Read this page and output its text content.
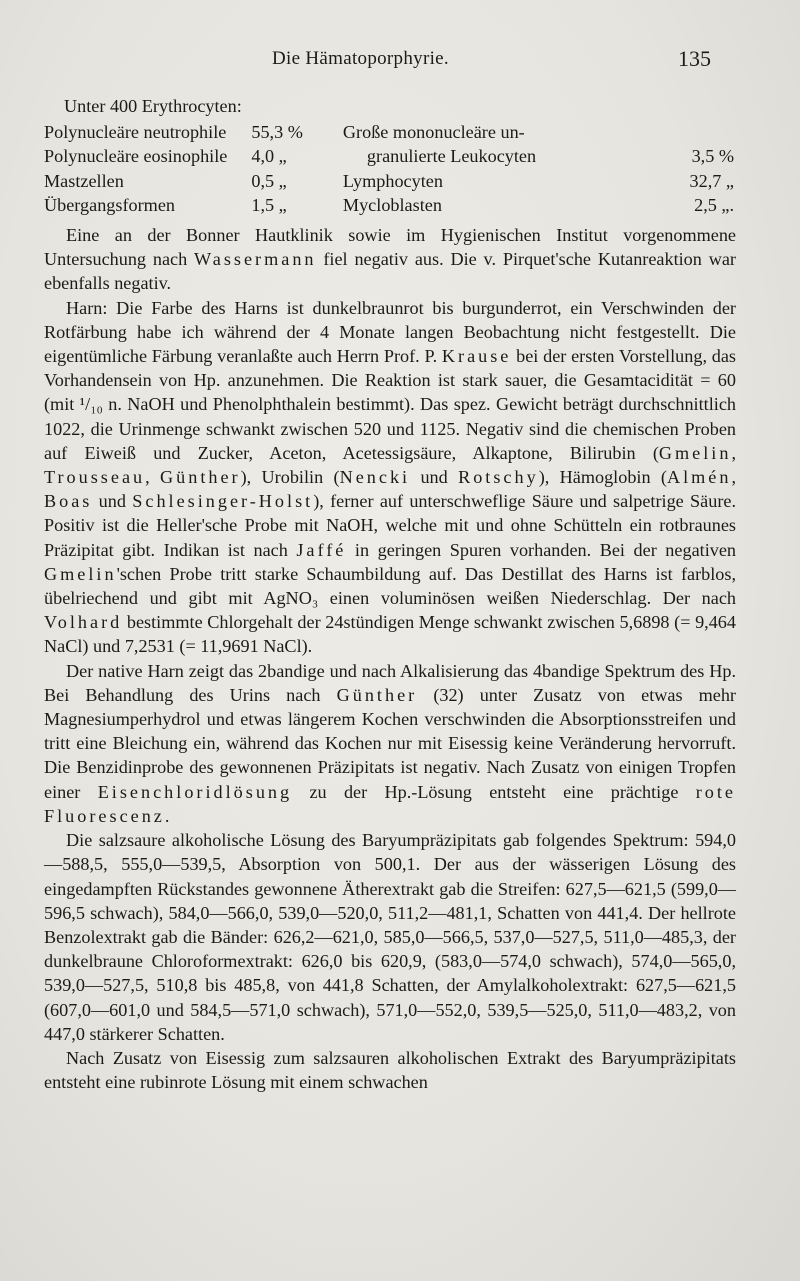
Die Hämatoporphyrie.	135
Unter 400 Erythrocyten:
Polynucleäre neutrophile	55,3 %	Große mononucleäre un-	
Polynucleäre eosinophile	4,0 „	granulierte Leukocyten	3,5 %
Mastzellen	0,5 „	Lymphocyten	32,7 „
Übergangsformen	1,5 „	Mycloblasten	2,5 „.

Eine an der Bonner Hautklinik sowie im Hygienischen Institut vorgenommene Untersuchung nach Wassermann fiel negativ aus. Die v. Pirquet'sche Kutanreaktion war ebenfalls negativ.

Harn: Die Farbe des Harns ist dunkelbraunrot bis burgunderrot, ein Verschwinden der Rotfärbung habe ich während der 4 Monate langen Beobachtung nicht festgestellt. Die eigentümliche Färbung veranlaßte auch Herrn Prof. P. Krause bei der ersten Vorstellung, das Vorhandensein von Hp. anzunehmen. Die Reaktion ist stark sauer, die Gesamtacidität = 60 (mit ¹/₁₀ n. NaOH und Phenolphthalein bestimmt). Das spez. Gewicht beträgt durchschnittlich 1022, die Urinmenge schwankt zwischen 520 und 1125. Negativ sind die chemischen Proben auf Eiweiß und Zucker, Aceton, Acetessigsäure, Alkaptone, Bilirubin (Gmelin, Trousseau, Günther), Urobilin (Nencki und Rotschy), Hämoglobin (Almén, Boas und Schlesinger-Holst), ferner auf unterschweflige Säure und salpetrige Säure. Positiv ist die Heller'sche Probe mit NaOH, welche mit und ohne Schütteln ein rotbraunes Präzipitat gibt. Indikan ist nach Jaffé in geringen Spuren vorhanden. Bei der negativen Gmelin'schen Probe tritt starke Schaumbildung auf. Das Destillat des Harns ist farblos, übelriechend und gibt mit AgNO₃ einen voluminösen weißen Niederschlag. Der nach Volhard bestimmte Chlorgehalt der 24stündigen Menge schwankt zwischen 5,6898 (= 9,464 NaCl) und 7,2531 (= 11,9691 NaCl).

Der native Harn zeigt das 2bandige und nach Alkalisierung das 4bandige Spektrum des Hp. Bei Behandlung des Urins nach Günther (32) unter Zusatz von etwas mehr Magnesiumperhydrol und etwas längerem Kochen verschwinden die Absorptionsstreifen und tritt eine Bleichung ein, während das Kochen nur mit Eisessig keine Veränderung hervorruft. Die Benzidinprobe des gewonnenen Präzipitats ist negativ. Nach Zusatz von einigen Tropfen einer Eisenchloridlösung zu der Hp.-Lösung entsteht eine prächtige rote Fluorescenz.

Die salzsaure alkoholische Lösung des Baryumpräzipitats gab folgendes Spektrum: 594,0—588,5, 555,0—539,5, Absorption von 500,1. Der aus der wässerigen Lösung des eingedampften Rückstandes gewonnene Ätherextrakt gab die Streifen: 627,5—621,5 (599,0—596,5 schwach), 584,0—566,0, 539,0—520,0, 511,2—481,1, Schatten von 441,4. Der hellrote Benzolextrakt gab die Bänder: 626,2—621,0, 585,0—566,5, 537,0—527,5, 511,0—485,3, der dunkelbraune Chloroformextrakt: 626,0 bis 620,9, (583,0—574,0 schwach), 574,0—565,0, 539,0—527,5, 510,8 bis 485,8, von 441,8 Schatten, der Amylalkoholextrakt: 627,5—621,5 (607,0—601,0 und 584,5—571,0 schwach), 571,0—552,0, 539,5—525,0, 511,0—483,2, von 447,0 stärkerer Schatten.

Nach Zusatz von Eisessig zum salzsauren alkoholischen Extrakt des Baryumpräzipitats entsteht eine rubinrote Lösung mit einem schwachen
